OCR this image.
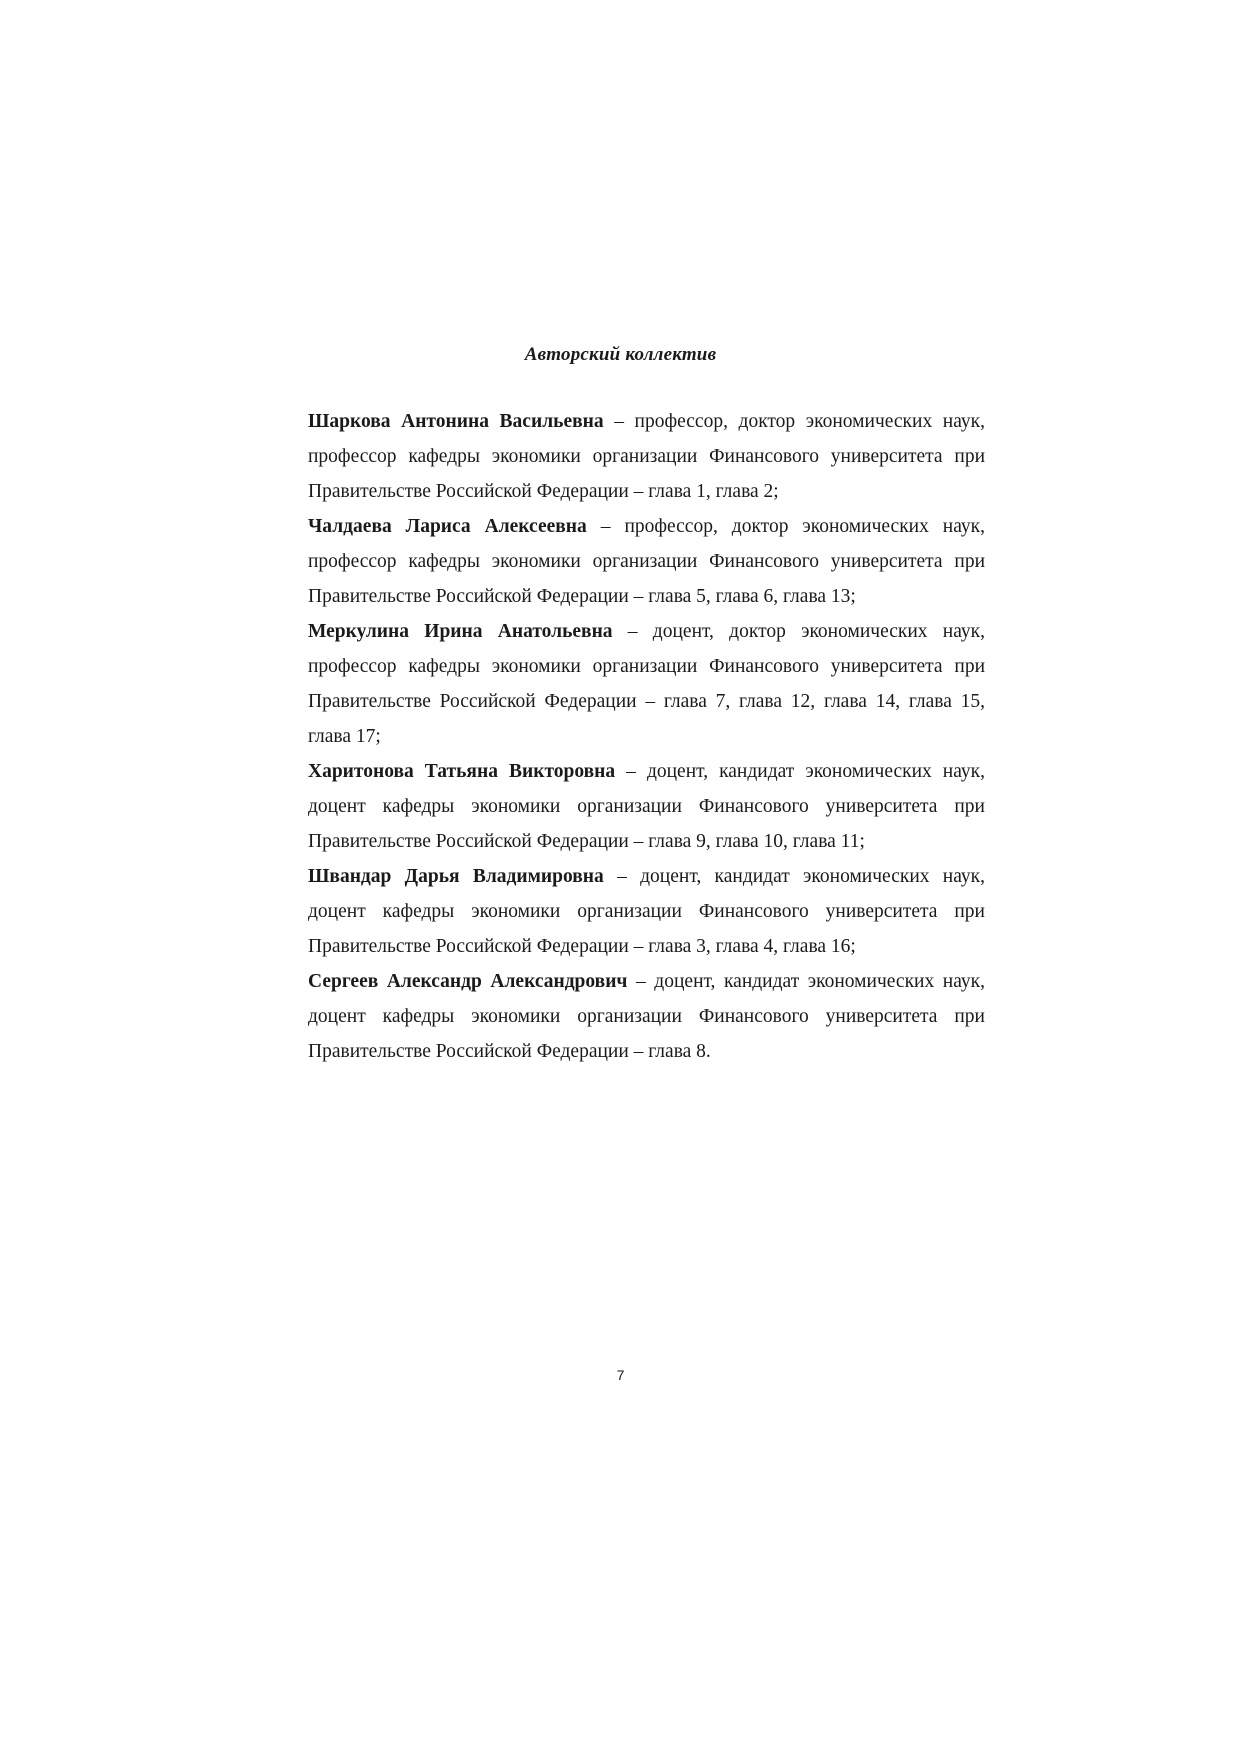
Авторский коллектив

Шаркова Антонина Васильевна – профессор, доктор экономических наук, профессор кафедры экономики организации Финансового университета при Правительстве Российской Федерации – глава 1, глава 2;

Чалдаева Лариса Алексеевна – профессор, доктор экономических наук, профессор кафедры экономики организации Финансового университета при Правительстве Российской Федерации – глава 5, глава 6, глава 13;

Меркулина Ирина Анатольевна – доцент, доктор экономических наук, профессор кафедры экономики организации Финансового университета при Правительстве Российской Федерации – глава 7, глава 12, глава 14, глава 15, глава 17;

Харитонова Татьяна Викторовна – доцент, кандидат экономических наук, доцент кафедры экономики организации Финансового университета при Правительстве Российской Федерации – глава 9, глава 10, глава 11;

Швандар Дарья Владимировна – доцент, кандидат экономических наук, доцент кафедры экономики организации Финансового университета при Правительстве Российской Федерации – глава 3, глава 4, глава 16;

Сергеев Александр Александрович – доцент, кандидат экономических наук, доцент кафедры экономики организации Финансового университета при Правительстве Российской Федерации – глава 8.

7
